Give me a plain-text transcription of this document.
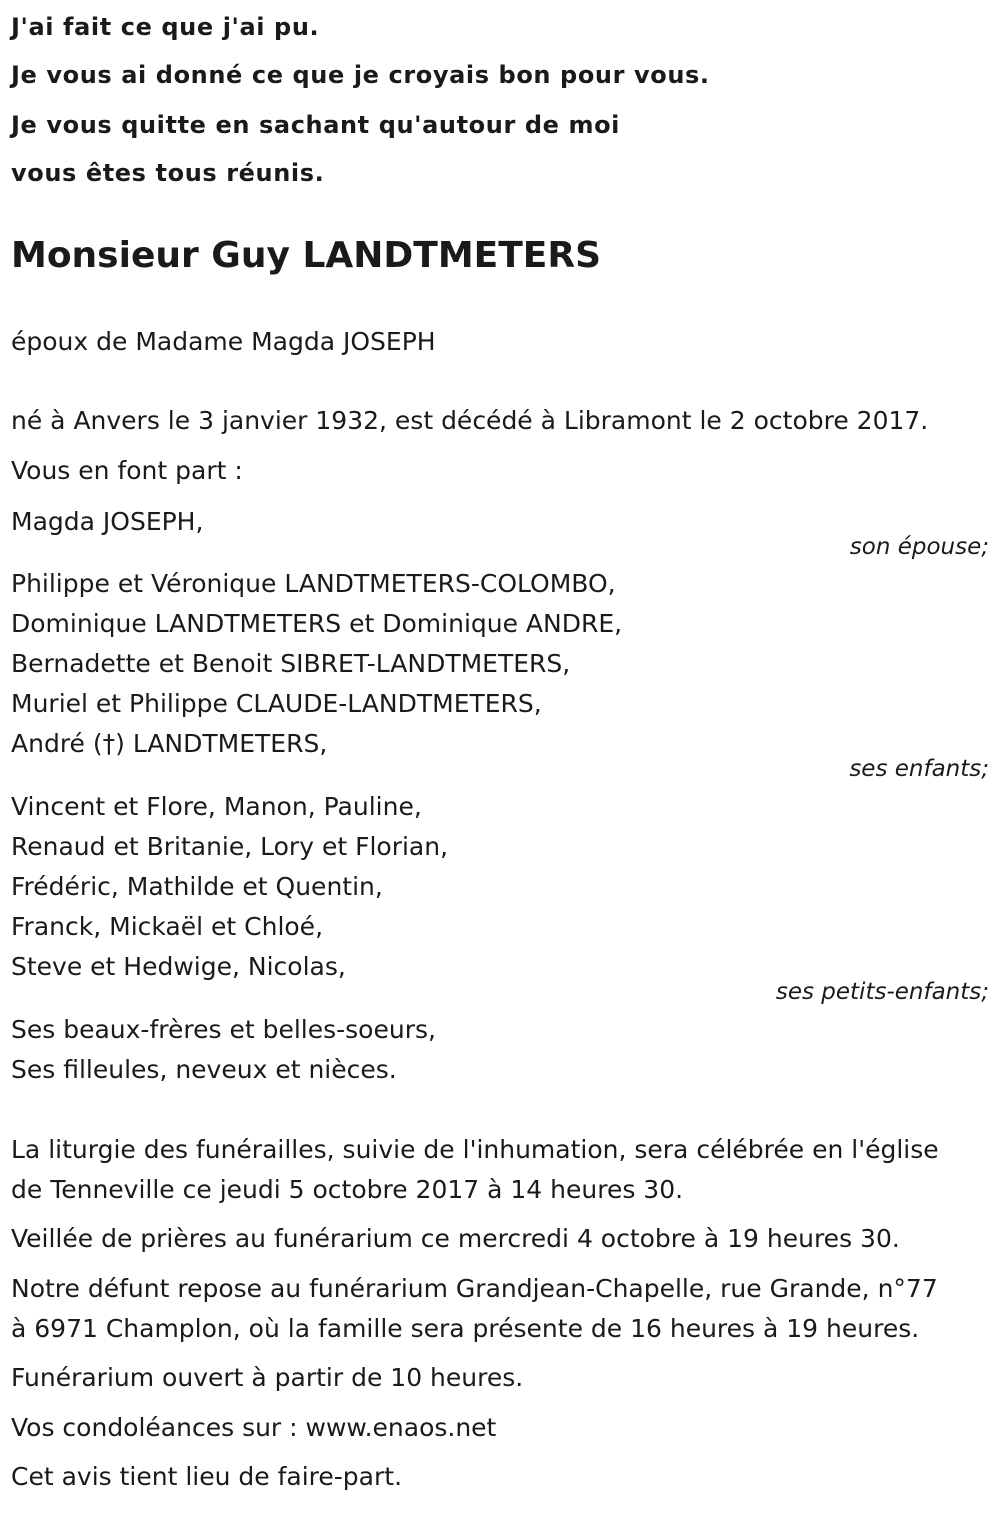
J'ai fait ce que j'ai pu.
Je vous ai donné ce que je croyais bon pour vous.
Je vous quitte en sachant qu'autour de moi
vous êtes tous réunis.
Monsieur Guy LANDTMETERS
époux de Madame Magda JOSEPH
né à Anvers le 3 janvier 1932, est décédé à Libramont le 2 octobre 2017.
Vous en font part :
Magda JOSEPH,
son épouse;
Philippe et Véronique LANDTMETERS-COLOMBO,
Dominique LANDTMETERS et Dominique ANDRE,
Bernadette et Benoit SIBRET-LANDTMETERS,
Muriel et Philippe CLAUDE-LANDTMETERS,
André (†) LANDTMETERS,
ses enfants;
Vincent et Flore, Manon, Pauline,
Renaud et Britanie, Lory et Florian,
Frédéric, Mathilde et Quentin,
Franck, Mickaël et Chloé,
Steve et Hedwige, Nicolas,
ses petits-enfants;
Ses beaux-frères et belles-soeurs,
Ses filleules, neveux et nièces.
La liturgie des funérailles, suivie de l'inhumation, sera célébrée en l'église
de Tenneville ce jeudi 5 octobre 2017 à 14 heures 30.
Veillée de prières au funérarium ce mercredi 4 octobre à 19 heures 30.
Notre défunt repose au funérarium Grandjean-Chapelle, rue Grande, n°77
à 6971 Champlon, où la famille sera présente de 16 heures à 19 heures.
Funérarium ouvert à partir de 10 heures.
Vos condoléances sur : www.enaos.net
Cet avis tient lieu de faire-part.
